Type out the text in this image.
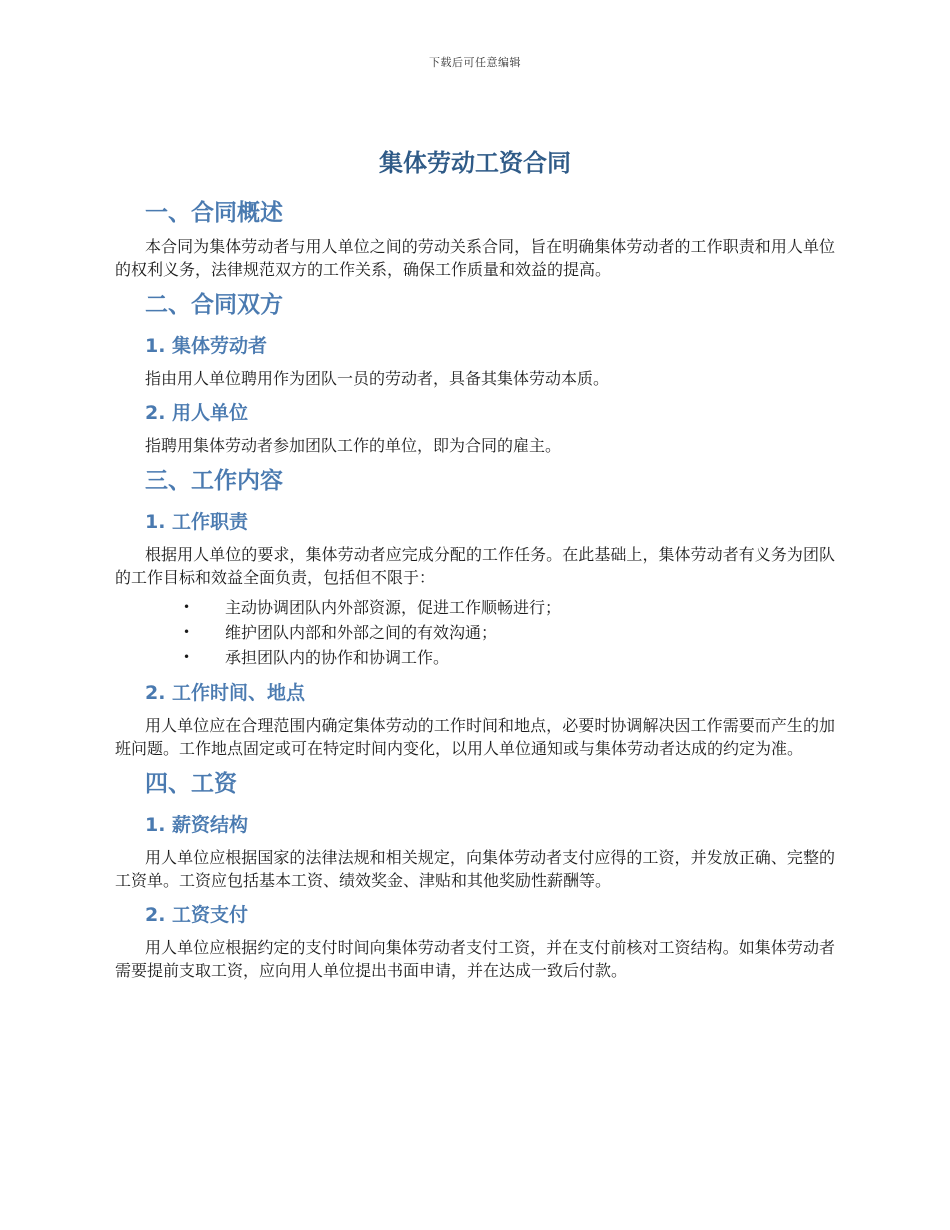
下载后可任意编辑
集体劳动工资合同
一、合同概述

本合同为集体劳动者与用人单位之间的劳动关系合同，旨在明确集体劳动者的工作职责和用人单位的权利义务，法律规范双方的工作关系，确保工作质量和效益的提高。

二、合同双方
1. 集体劳动者

指由用人单位聘用作为团队一员的劳动者，具备其集体劳动本质。

2. 用人单位

指聘用集体劳动者参加团队工作的单位，即为合同的雇主。

三、工作内容
1. 工作职责

根据用人单位的要求，集体劳动者应完成分配的工作任务。在此基础上，集体劳动者有义务为团队的工作目标和效益全面负责，包括但不限于：

• 主动协调团队内外部资源，促进工作顺畅进行；
• 维护团队内部和外部之间的有效沟通；
• 承担团队内的协作和协调工作。
2. 工作时间、地点

用人单位应在合理范围内确定集体劳动的工作时间和地点，必要时协调解决因工作需要而产生的加班问题。工作地点固定或可在特定时间内变化，以用人单位通知或与集体劳动者达成的约定为准。

四、工资
1. 薪资结构

用人单位应根据国家的法律法规和相关规定，向集体劳动者支付应得的工资，并发放正确、完整的工资单。工资应包括基本工资、绩效奖金、津贴和其他奖励性薪酬等。

2. 工资支付

用人单位应根据约定的支付时间向集体劳动者支付工资，并在支付前核对工资结构。如集体劳动者需要提前支取工资，应向用人单位提出书面申请，并在达成一致后付款。
